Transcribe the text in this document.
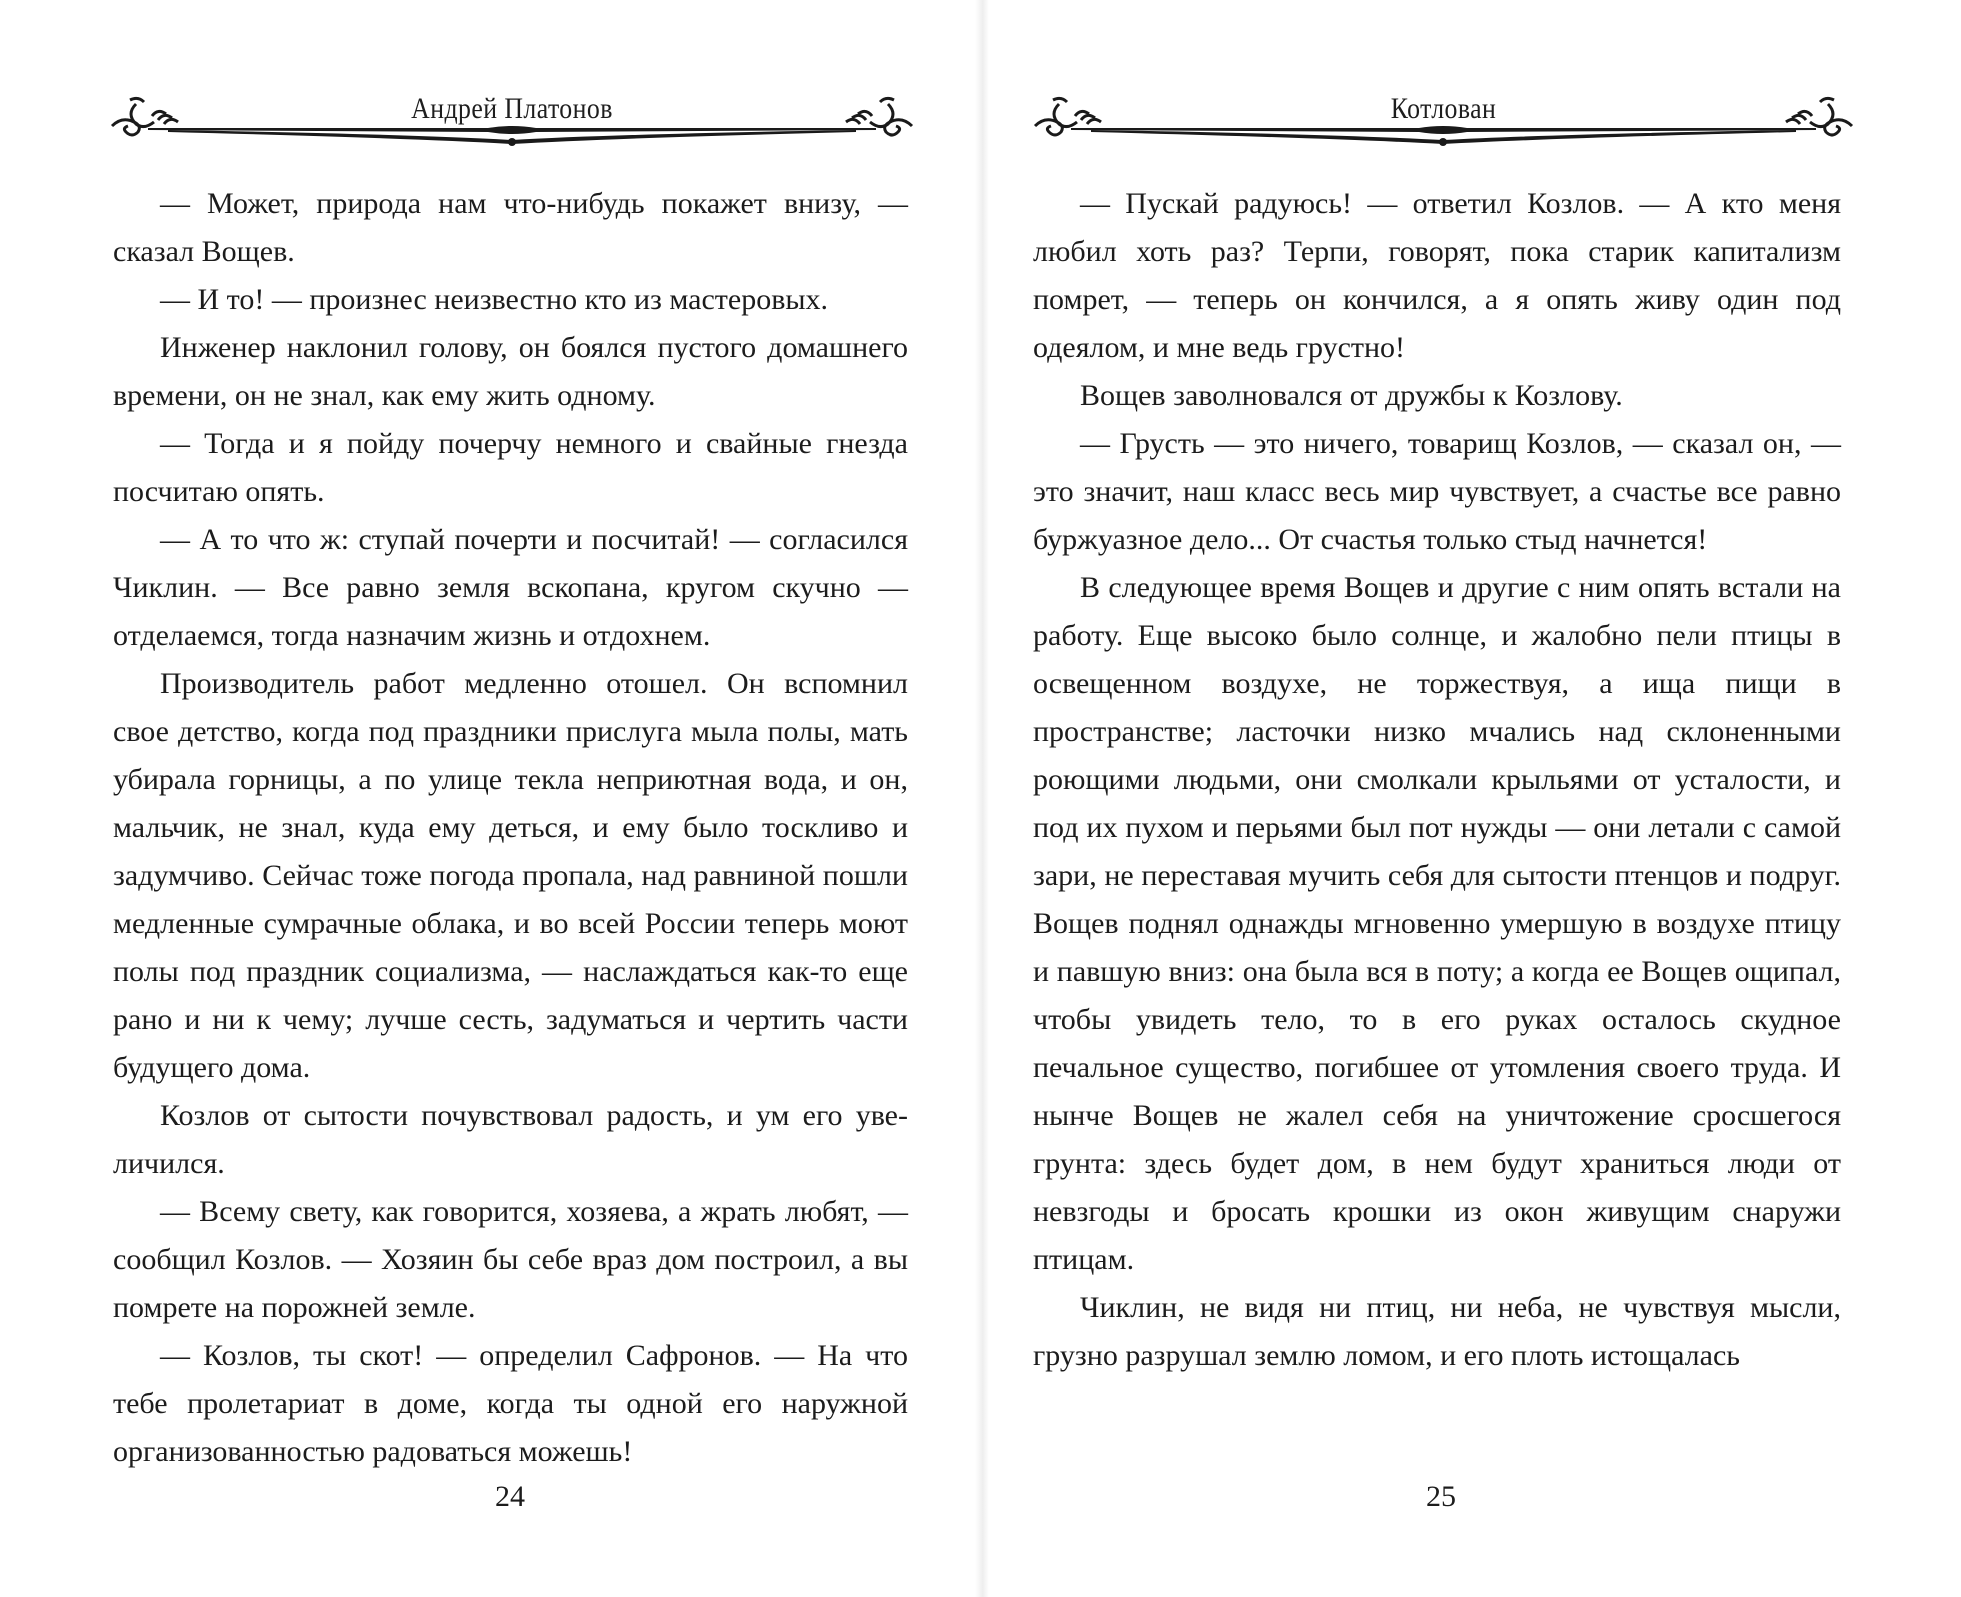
Андрей Платонов

— Может, природа нам что-нибудь покажет внизу, — сказал Вощев.

— И то! — произнес неизвестно кто из мастеровых.

Инженер наклонил голову, он боялся пустого домашнего времени, он не знал, как ему жить одному.

— Тогда и я пойду почерчу немного и свайные гнезда посчитаю опять.

— А то что ж: ступай почерти и посчитай! — согласился Чиклин. — Все равно земля вскопана, кругом скучно — отделаемся, тогда назначим жизнь и отдохнем.

Производитель работ медленно отошел. Он вспомнил свое детство, когда под праздники прислуга мыла полы, мать убирала горницы, а по улице текла неприютная вода, и он, мальчик, не знал, куда ему деться, и ему было тоскливо и задумчиво. Сейчас тоже погода пропала, над равниной пошли медленные сумрачные облака, и во всей России теперь моют полы под праздник социализма, — наслаждаться как-то еще рано и ни к чему; лучше сесть, задуматься и чертить части будущего дома.

Козлов от сытости почувствовал радость, и ум его увеличился.

— Всему свету, как говорится, хозяева, а жрать любят, — сообщил Козлов. — Хозяин бы себе враз дом построил, а вы помрете на порожней земле.

— Козлов, ты скот! — определил Сафронов. — На что тебе пролетариат в доме, когда ты одной его наружной организованностью радоваться можешь!

24
Котлован

— Пускай радуюсь! — ответил Козлов. — А кто меня любил хоть раз? Терпи, говорят, пока старик капитализм помрет, — теперь он кончился, а я опять живу один под одеялом, и мне ведь грустно!

Вощев заволновался от дружбы к Козлову.

— Грусть — это ничего, товарищ Козлов, — сказал он, — это значит, наш класс весь мир чувствует, а счастье все равно буржуазное дело... От счастья только стыд начнется!

В следующее время Вощев и другие с ним опять встали на работу. Еще высоко было солнце, и жалобно пели птицы в освещенном воздухе, не торжествуя, а ища пищи в пространстве; ласточки низко мчались над склоненными роющими людьми, они смолкали крыльями от усталости, и под их пухом и перьями был пот нужды — они летали с самой зари, не переставая мучить себя для сытости птенцов и подруг. Вощев поднял однажды мгновенно умершую в воздухе птицу и павшую вниз: она была вся в поту; а когда ее Вощев ощипал, чтобы увидеть тело, то в его руках осталось скудное печальное существо, погибшее от утомления своего труда. И нынче Вощев не жалел себя на уничтожение сросшегося грунта: здесь будет дом, в нем будут храниться люди от невзгоды и бросать крошки из окон живущим снаружи птицам.

Чиклин, не видя ни птиц, ни неба, не чувствуя мысли, грузно разрушал землю ломом, и его плоть истощалась

25
